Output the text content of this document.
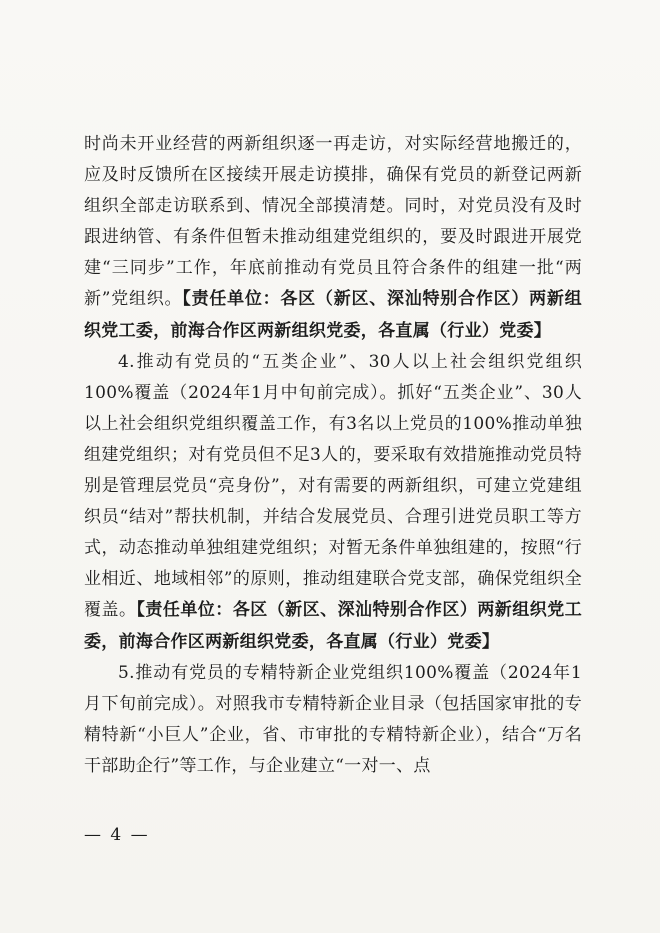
时尚未开业经营的两新组织逐一再走访，对实际经营地搬迁的，应及时反馈所在区接续开展走访摸排，确保有党员的新登记两新组织全部走访联系到、情况全部摸清楚。同时，对党员没有及时跟进纳管、有条件但暂未推动组建党组织的，要及时跟进开展党建“三同步”工作，年底前推动有党员且符合条件的组建一批“两新”党组织。【责任单位：各区（新区、深汕特别合作区）两新组织党工委，前海合作区两新组织党委，各直属（行业）党委】

4.推动有党员的“五类企业”、30人以上社会组织党组织100%覆盖（2024年1月中旬前完成）。抓好“五类企业”、30人以上社会组织党组织覆盖工作，有3名以上党员的100%推动单独组建党组织；对有党员但不足3人的，要采取有效措施推动党员特别是管理层党员“亮身份”，对有需要的两新组织，可建立党建组织员“结对”帮扶机制，并结合发展党员、合理引进党员职工等方式，动态推动单独组建党组织；对暂无条件单独组建的，按照“行业相近、地域相邻”的原则，推动组建联合党支部，确保党组织全覆盖。【责任单位：各区（新区、深汕特别合作区）两新组织党工委，前海合作区两新组织党委，各直属（行业）党委】

5.推动有党员的专精特新企业党组织100%覆盖（2024年1月下旬前完成）。对照我市专精特新企业目录（包括国家审批的专精特新“小巨人”企业，省、市审批的专精特新企业），结合“万名干部助企行”等工作，与企业建立“一对一、点

— 4 —
